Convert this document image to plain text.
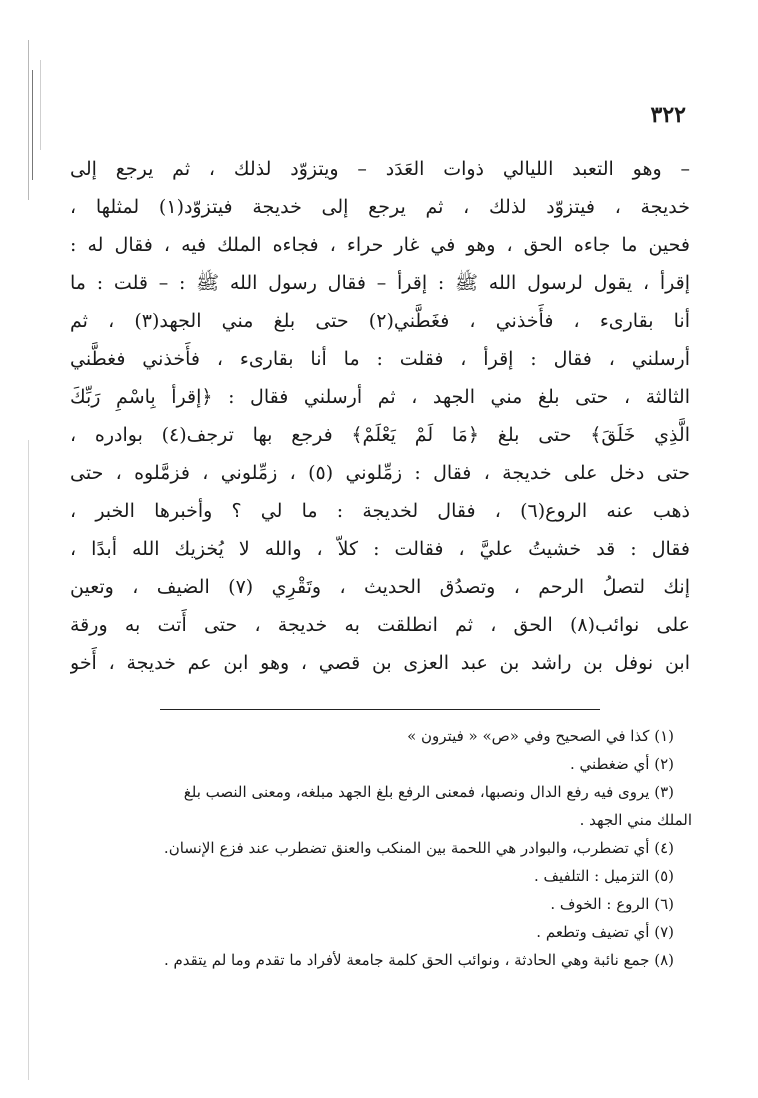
٣٢٢
– وهو التعبد الليالي ذوات العَدَد – ويتزوّد لذلك ، ثم يرجع إلى
خديجة ، فيتزوّد لذلك ، ثم يرجع إلى خديجة فيتزوّد(١) لمثلها ،
فحين ما جاءه الحق ، وهو في غار حراء ، فجاءه الملك فيه ، فقال له :
إقرأ ، يقول لرسول الله ﷺ : إقرأ – فقال رسول الله ﷺ : – قلت : ما
أنا بقارىء ، فأَخذني ، فغَطَّني(٢) حتى بلغ مني الجهد(٣) ، ثم
أرسلني ، فقال : إقرأ ، فقلت : ما أنا بقارىء ، فأَخذني فغطَّني
الثالثة ، حتى بلغ مني الجهد ، ثم أرسلني فقال : ﴿إقرأ بِاسْمِ رَبِّكَ
الَّذِي خَلَقَ﴾ حتى بلغ ﴿مَا لَمْ يَعْلَمْ﴾ فرجع بها ترجف(٤) بوادره ،
حتى دخل على خديجة ، فقال : زمِّلوني (٥) ، زمِّلوني ، فزمَّلوه ، حتى
ذهب عنه الروع(٦) ، فقال لخديجة : ما لي ؟ وأخبرها الخبر ،
فقال : قد خشيتُ عليَّ ، فقالت : كلاّ ، والله لا يُخزيك الله أبدًا ،
إنك لتصلُ الرحم ، وتصدُق الحديث ، وتَقْرِي (٧) الضيف ، وتعين
على نوائب(٨) الحق ، ثم انطلقت به خديجة ، حتى أَتت به ورقة
ابن نوفل بن راشد بن عبد العزى بن قصي ، وهو ابن عم خديجة ، أَخو
(١) كذا في الصحيح وفي «ص» « فيترون »
(٢) أي ضغطني .
(٣) يروى فيه رفع الدال ونصبها، فمعنى الرفع بلغ الجهد مبلغه، ومعنى النصب بلغ
الملك مني الجهد .
(٤) أي تضطرب، والبوادر هي اللحمة بين المنكب والعنق تضطرب عند فزع الإنسان.
(٥) التزميل : التلفيف .
(٦) الروع : الخوف .
(٧) أي تضيف وتطعم .
(٨) جمع نائبة وهي الحادثة ، ونوائب الحق كلمة جامعة لأفراد ما تقدم وما لم يتقدم .
